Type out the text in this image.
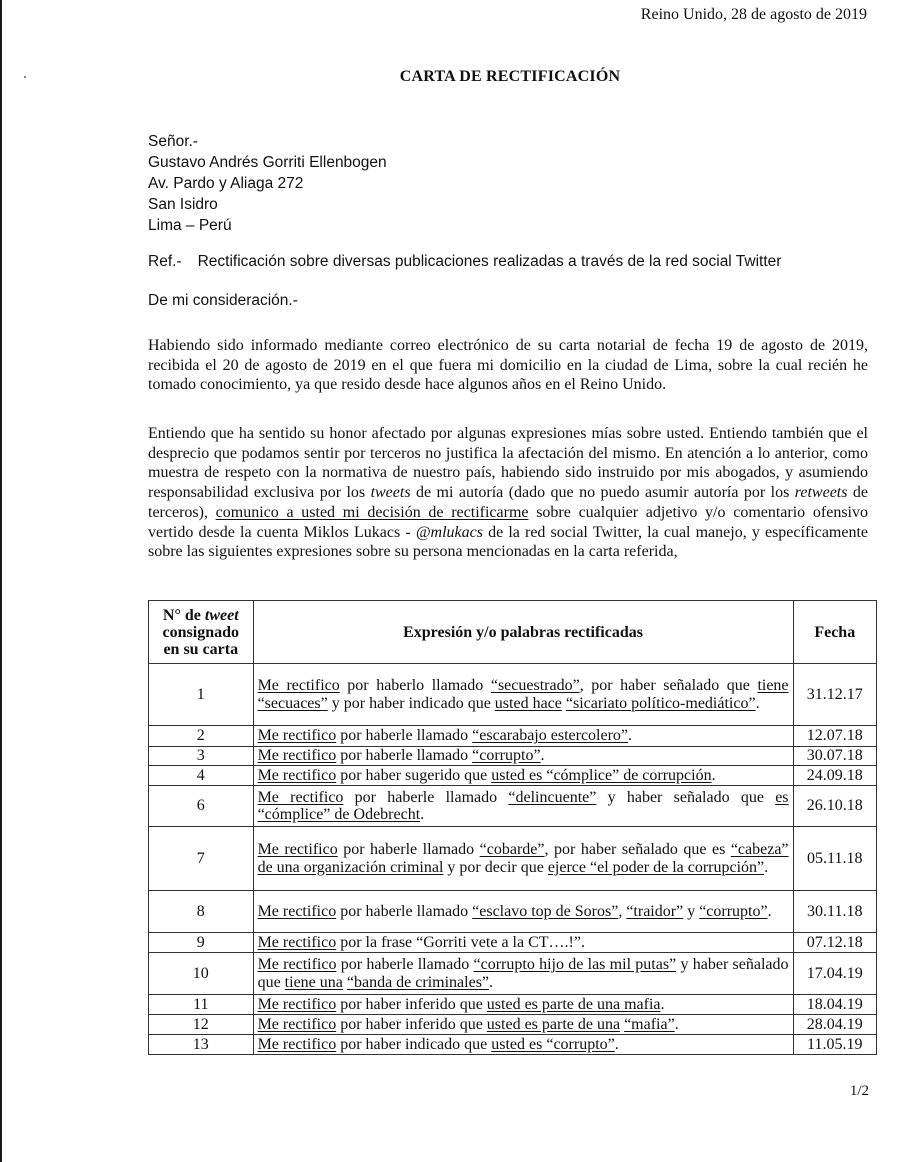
Reino Unido, 28 de agosto de 2019
CARTA DE RECTIFICACIÓN
Señor.-
Gustavo Andrés Gorriti Ellenbogen
Av. Pardo y Aliaga 272
San Isidro
Lima – Perú
Ref.- Rectificación sobre diversas publicaciones realizadas a través de la red social Twitter
De mi consideración.-

Habiendo sido informado mediante correo electrónico de su carta notarial de fecha 19 de agosto de 2019, recibida el 20 de agosto de 2019 en el que fuera mi domicilio en la ciudad de Lima, sobre la cual recién he tomado conocimiento, ya que resido desde hace algunos años en el Reino Unido.

Entiendo que ha sentido su honor afectado por algunas expresiones mías sobre usted. Entiendo también que el desprecio que podamos sentir por terceros no justifica la afectación del mismo. En atención a lo anterior, como muestra de respeto con la normativa de nuestro país, habiendo sido instruido por mis abogados, y asumiendo responsabilidad exclusiva por los tweets de mi autoría (dado que no puedo asumir autoría por los retweets de terceros), comunico a usted mi decisión de rectificarme sobre cualquier adjetivo y/o comentario ofensivo vertido desde la cuenta Miklos Lukacs - @mlukacs de la red social Twitter, la cual manejo, y específicamente sobre las siguientes expresiones sobre su persona mencionadas en la carta referida,

N° de tweet
consignado
en su carta	Expresión y/o palabras rectificadas	Fecha
1	Me rectifico por haberlo llamado “secuestrado”, por haber señalado que tiene “secuaces” y por haber indicado que usted hace “sicariato político-mediático”.	31.12.17
2	Me rectifico por haberle llamado “escarabajo estercolero”.	12.07.18
3	Me rectifico por haberle llamado “corrupto”.	30.07.18
4	Me rectifico por haber sugerido que usted es “cómplice” de corrupción.	24.09.18
6	Me rectifico por haberle llamado “delincuente” y haber señalado que es “cómplice” de Odebrecht.	26.10.18
7	Me rectifico por haberle llamado “cobarde”, por haber señalado que es “cabeza” de una organización criminal y por decir que ejerce “el poder de la corrupción”.	05.11.18
8	Me rectifico por haberle llamado “esclavo top de Soros”, “traidor” y “corrupto”.	30.11.18
9	Me rectifico por la frase “Gorriti vete a la CT….!”.	07.12.18
10	Me rectifico por haberle llamado “corrupto hijo de las mil putas” y haber señalado que tiene una “banda de criminales”.	17.04.19
11	Me rectifico por haber inferido que usted es parte de una mafia.	18.04.19
12	Me rectifico por haber inferido que usted es parte de una “mafia”.	28.04.19
13	Me rectifico por haber indicado que usted es “corrupto”.	11.05.19
1/2
